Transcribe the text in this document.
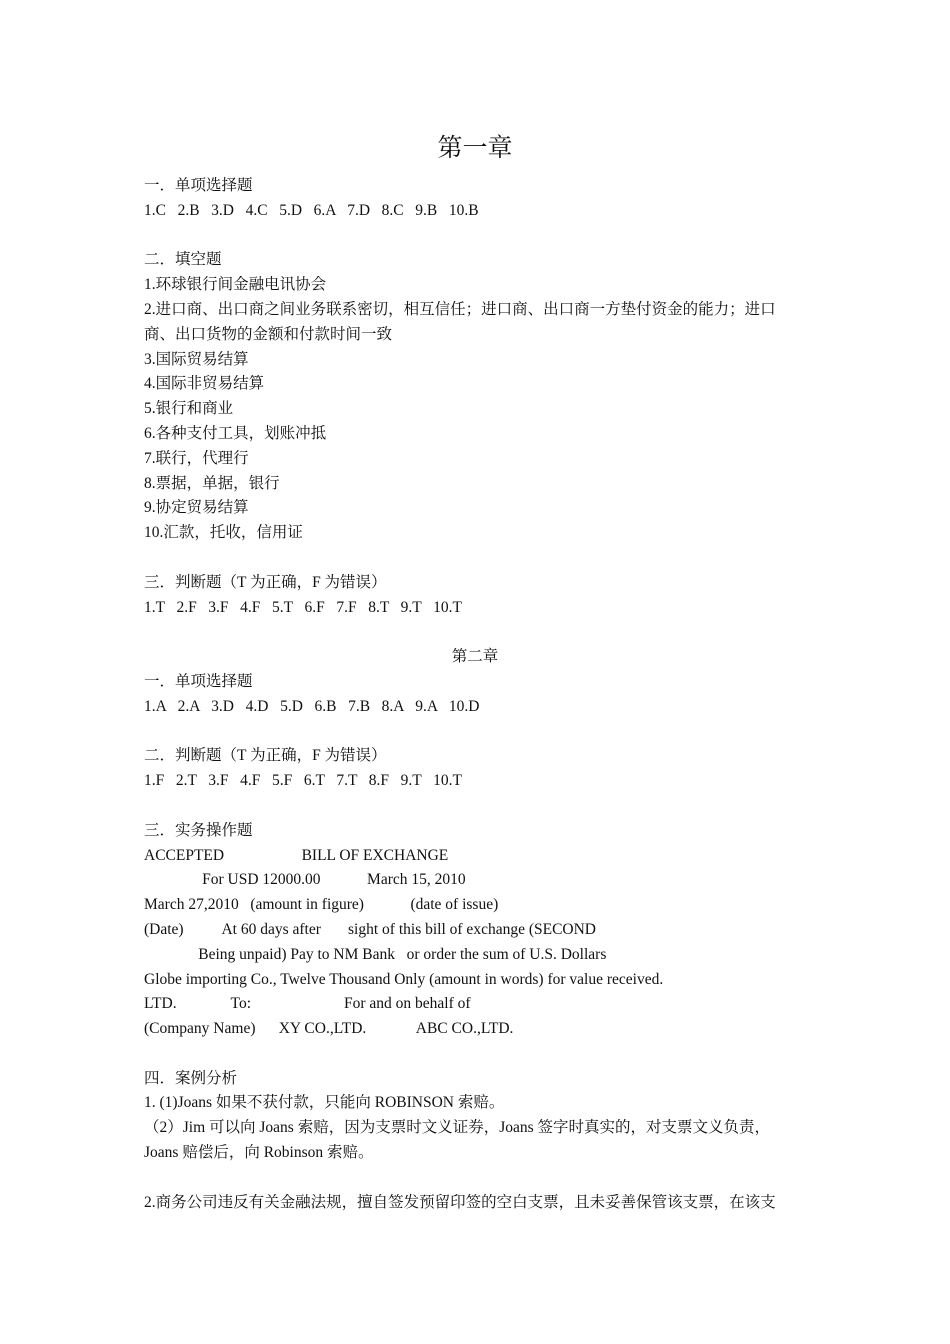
第一章
一．单项选择题
1.C   2.B   3.D   4.C   5.D   6.A   7.D   8.C   9.B   10.B
二．填空题
1.环球银行间金融电讯协会
2.进口商、出口商之间业务联系密切，相互信任；进口商、出口商一方垫付资金的能力；进口
商、出口货物的金额和付款时间一致
3.国际贸易结算
4.国际非贸易结算
5.银行和商业
6.各种支付工具，划账冲抵
7.联行，代理行
8.票据，单据，银行
9.协定贸易结算
10.汇款，托收，信用证
三．判断题（T 为正确，F 为错误）
1.T   2.F   3.F   4.F   5.T   6.F   7.F   8.T   9.T   10.T
第二章
一．单项选择题
1.A   2.A   3.D   4.D   5.D   6.B   7.B   8.A   9.A   10.D
二．判断题（T 为正确，F 为错误）
1.F   2.T   3.F   4.F   5.F   6.T   7.T   8.F   9.T   10.T
三．实务操作题
ACCEPTED                    BILL OF EXCHANGE
For USD 12000.00            March 15, 2010
March 27,2010   (amount in figure)            (date of issue)
(Date)          At 60 days after       sight of this bill of exchange (SECOND
Being unpaid) Pay to NM Bank   or order the sum of U.S. Dollars
Globe importing Co., Twelve Thousand Only (amount in words) for value received.
LTD.              To:                        For and on behalf of
(Company Name)      XY CO.,LTD.             ABC CO.,LTD.
四．案例分析
1. (1)Joans 如果不获付款，只能向 ROBINSON 索赔。
（2）Jim 可以向 Joans 索赔，因为支票时文义证券，Joans 签字时真实的，对支票文义负责，
Joans 赔偿后，向 Robinson 索赔。
2.商务公司违反有关金融法规，擅自签发预留印签的空白支票，且未妥善保管该支票，在该支
